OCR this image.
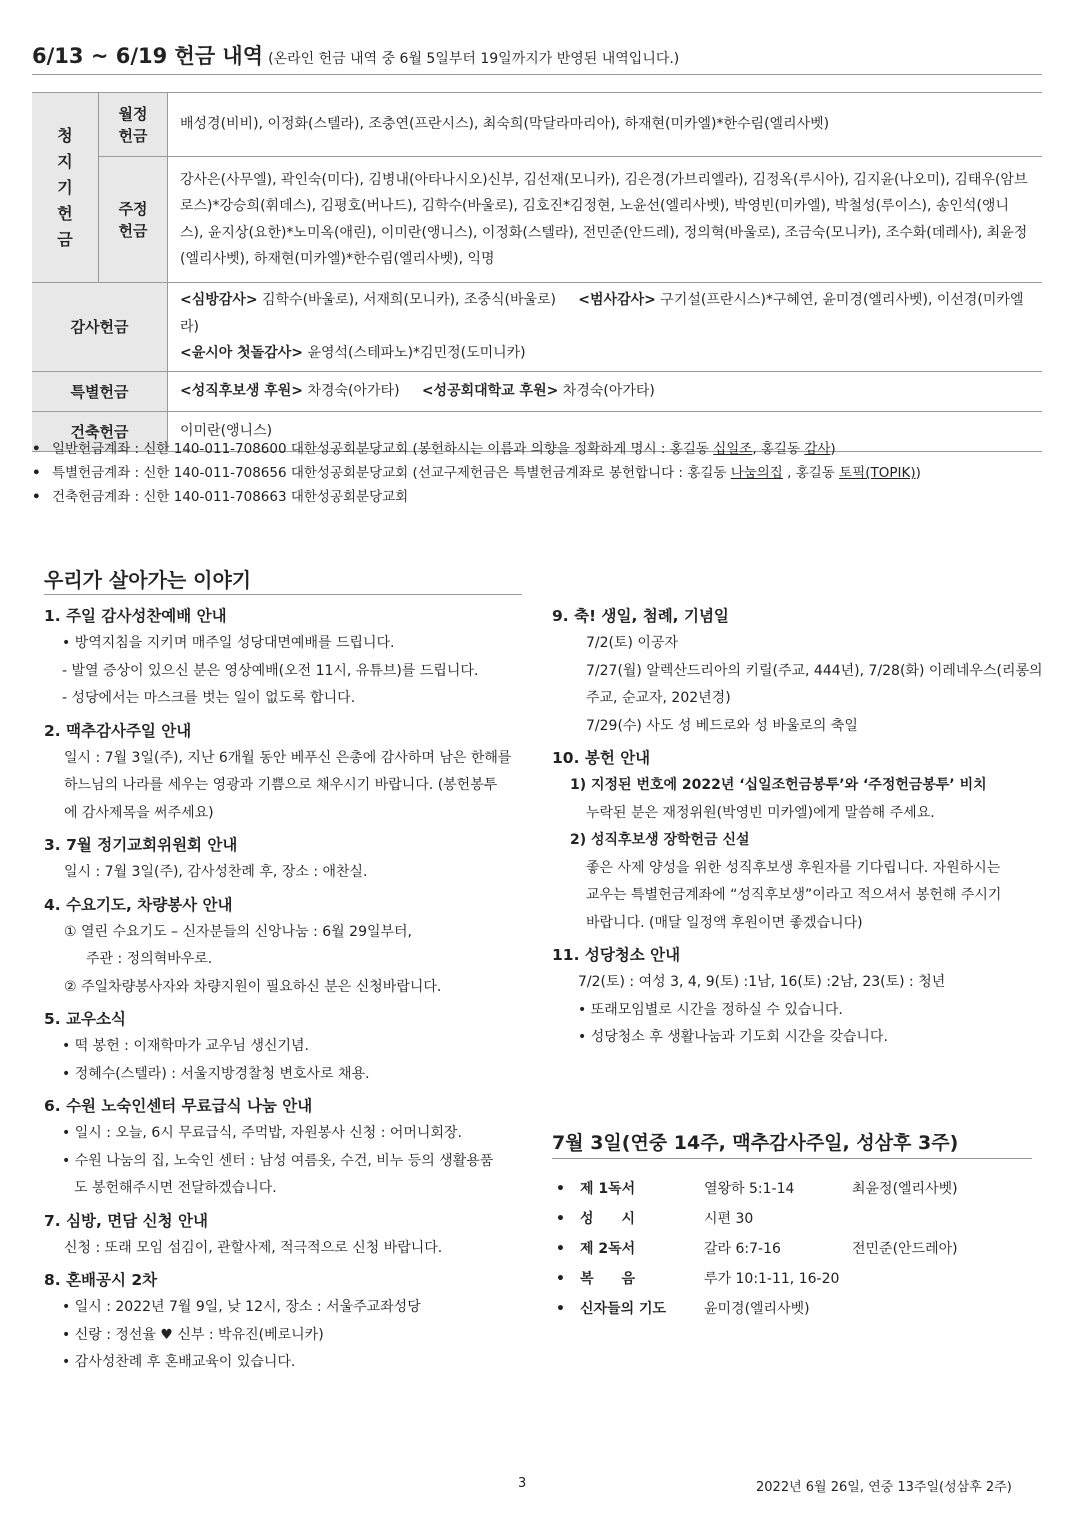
6/13 ~ 6/19 헌금 내역 (온라인 헌금 내역 중 6월 5일부터 19일까지가 반영된 내역입니다.)
청지기헌금	월정헌금	배성경(비비), 이정화(스텔라), 조충연(프란시스), 최숙희(막달라마리아), 하재현(미카엘)*한수림(엘리사벳)

	주정헌금	강사은(사무엘), 곽인숙(미다), 김병내(아타나시오)신부, 김선재(모니카), 김은경(가브리엘라), 김정옥(루시아), 김지윤(나오미), 김태우(암브로스)*강승희(휘데스), 김평호(버나드), 김학수(바울로), 김호진*김정현, 노윤선(엘리사벳), 박영빈(미카엘), 박철성(루이스), 송인석(앵니스), 윤지상(요한)*노미옥(애린), 이미란(앵니스), 이정화(스텔라), 전민준(안드레), 정의혁(바울로), 조금숙(모니카), 조수화(데레사), 최윤정(엘리사벳), 하재현(미카엘)*한수림(엘리사벳), 익명
감사헌금		<심방감사> 김학수(바울로), 서재희(모니카), 조중식(바울로) <범사감사> 구기설(프란시스)*구혜연, 윤미경(엘리사벳), 이선경(미카엘라)
<윤시아 첫돌감사> 윤영석(스테파노)*김민정(도미니카)

특별헌금		<성직후보생 후원> 차경숙(아가타) <성공회대학교 후원> 차경숙(아가타)
건축헌금		이미란(앵니스)
• 일반헌금계좌 : 신한 140-011-708600 대한성공회분당교회 (봉헌하시는 이름과 의향을 정확하게 명시 : 홍길동 십일조, 홍길동 감사)
• 특별헌금계좌 : 신한 140-011-708656 대한성공회분당교회 (선교구제헌금은 특별헌금계좌로 봉헌합니다 : 홍길동 나눔의집 , 홍길동 토픽(TOPIK))
• 건축헌금계좌 : 신한 140-011-708663 대한성공회분당교회
우리가 살아가는 이야기
1. 주일 감사성찬예배 안내
• 방역지침을 지키며 매주일 성당대면예배를 드립니다.
- 발열 증상이 있으신 분은 영상예배(오전 11시, 유튜브)를 드립니다.
- 성당에서는 마스크를 벗는 일이 없도록 합니다.
2. 맥추감사주일 안내
일시 : 7월 3일(주), 지난 6개월 동안 베푸신 은총에 감사하며 남은 한해를
하느님의 나라를 세우는 영광과 기쁨으로 채우시기 바랍니다. (봉헌봉투
에 감사제목을 써주세요)
3. 7월 정기교회위원회 안내
일시 : 7월 3일(주), 감사성찬례 후, 장소 : 애찬실.
4. 수요기도, 차량봉사 안내
① 열린 수요기도 – 신자분들의 신앙나눔 : 6월 29일부터,
주관 : 정의혁바우로.
② 주일차량봉사자와 차량지원이 필요하신 분은 신청바랍니다.
5. 교우소식
• 떡 봉헌 : 이재학마가 교우님 생신기념.
• 정혜수(스텔라) : 서울지방경찰청 변호사로 채용.
6. 수원 노숙인센터 무료급식 나눔 안내
• 일시 : 오늘, 6시 무료급식, 주먹밥, 자원봉사 신청 : 어머니회장.
• 수원 나눔의 집, 노숙인 센터 : 남성 여름옷, 수건, 비누 등의 생활용품
도 봉헌해주시면 전달하겠습니다.
7. 심방, 면담 신청 안내
신청 : 또래 모임 섬김이, 관할사제, 적극적으로 신청 바랍니다.
8. 혼배공시 2차
• 일시 : 2022년 7월 9일, 낮 12시, 장소 : 서울주교좌성당
• 신랑 : 정선율 ♥ 신부 : 박유진(베로니카)
• 감사성찬례 후 혼배교육이 있습니다.
9. 축! 생일, 첨례, 기념일
7/2(토) 이공자
7/27(월) 알렉산드리아의 키릴(주교, 444년), 7/28(화) 이레네우스(리롱의
주교, 순교자, 202년경)
7/29(수) 사도 성 베드로와 성 바울로의 축일
10. 봉헌 안내
1) 지정된 번호에 2022년 ‘십일조헌금봉투’와 ‘주정헌금봉투’ 비치
누락된 분은 재정위원(박영빈 미카엘)에게 말씀해 주세요.
2) 성직후보생 장학헌금 신설
좋은 사제 양성을 위한 성직후보생 후원자를 기다립니다. 자원하시는
교우는 특별헌금계좌에 “성직후보생”이라고 적으셔서 봉헌해 주시기
바랍니다. (매달 일정액 후원이면 좋겠습니다)
11. 성당청소 안내
7/2(토) : 여성 3, 4, 9(토) :1남, 16(토) :2남, 23(토) : 청년
• 또래모임별로 시간을 정하실 수 있습니다.
• 성당청소 후 생활나눔과 기도회 시간을 갖습니다.
7월 3일(연중 14주, 맥추감사주일, 성삼후 3주)
• 제 1독서	열왕하 5:1-14	최윤정(엘리사벳)
• 성　　시	시편 30
• 제 2독서	갈라 6:7-16	전민준(안드레아)
• 복　　음	루가 10:1-11, 16-20
• 신자들의 기도	윤미경(엘리사벳)
3	2022년 6월 26일, 연중 13주일(성삼후 2주)
